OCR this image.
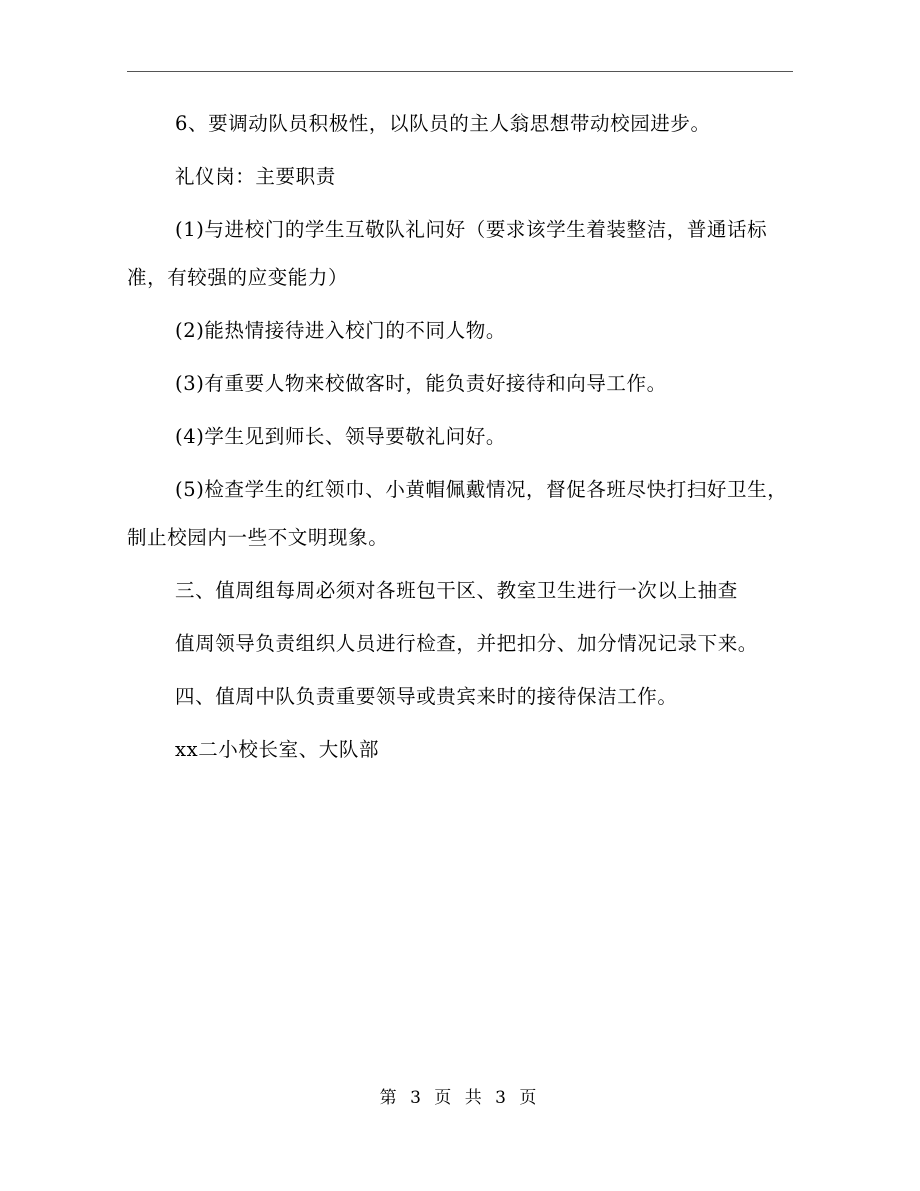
6、要调动队员积极性，以队员的主人翁思想带动校园进步。

礼仪岗：主要职责

(1)与进校门的学生互敬队礼问好（要求该学生着装整洁，普通话标准，有较强的应变能力）

(2)能热情接待进入校门的不同人物。

(3)有重要人物来校做客时，能负责好接待和向导工作。

(4)学生见到师长、领导要敬礼问好。

(5)检查学生的红领巾、小黄帽佩戴情况，督促各班尽快打扫好卫生，制止校园内一些不文明现象。

三、值周组每周必须对各班包干区、教室卫生进行一次以上抽查

值周领导负责组织人员进行检查，并把扣分、加分情况记录下来。

四、值周中队负责重要领导或贵宾来时的接待保洁工作。

xx二小校长室、大队部

第 3 页 共 3 页
